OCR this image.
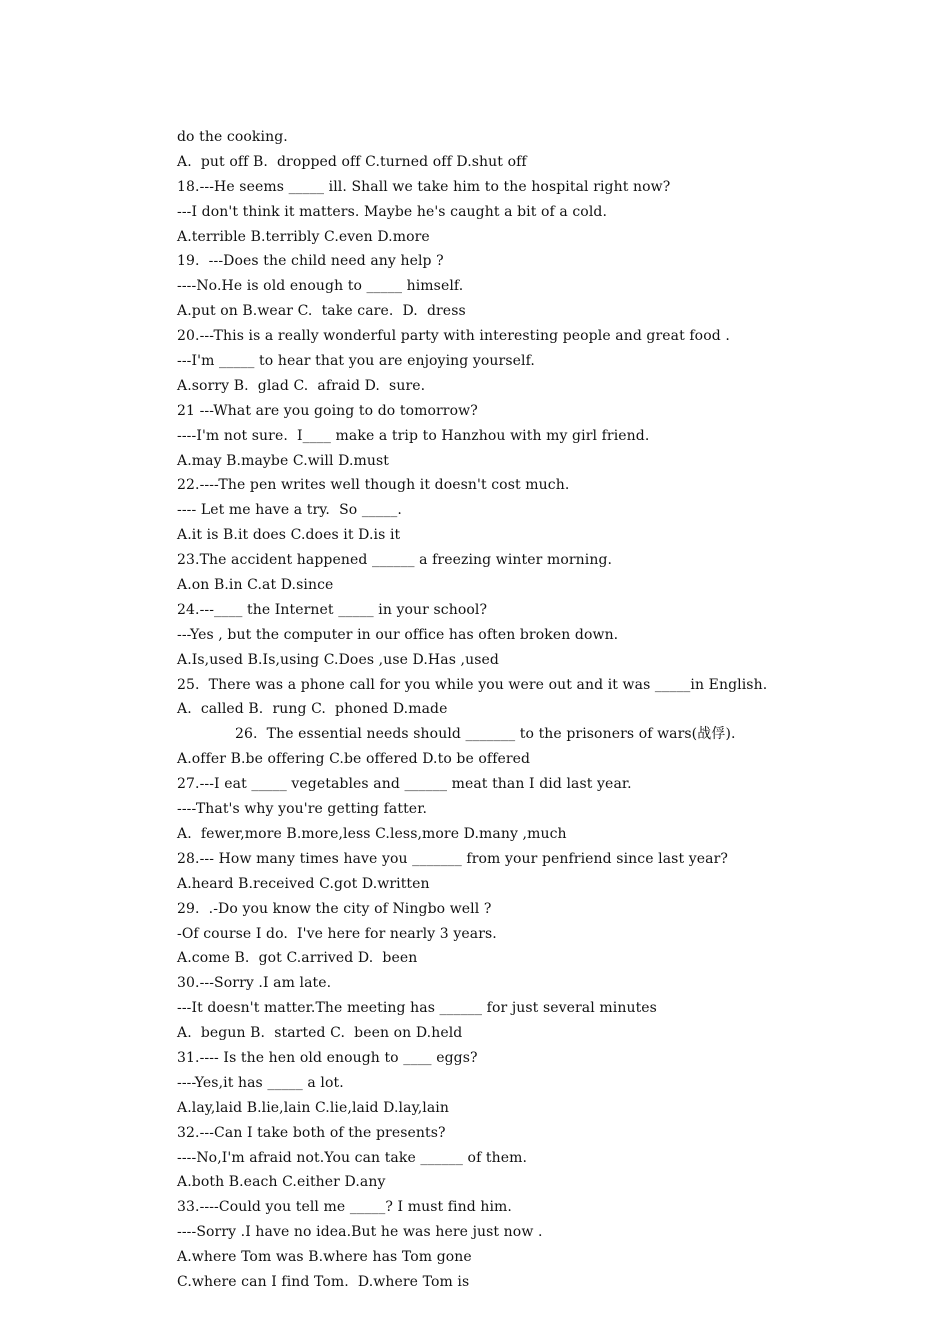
do the cooking.
A.  put off B.  dropped off C.turned off D.shut off
18.---He seems _____ ill. Shall we take him to the hospital right now?
---I don't think it matters. Maybe he's caught a bit of a cold.
A.terrible B.terribly C.even D.more
19.  ---Does the child need any help ?
----No.He is old enough to _____ himself.
A.put on B.wear C.  take care.  D.  dress
20.---This is a really wonderful party with interesting people and great food .
---I'm _____ to hear that you are enjoying yourself.
A.sorry B.  glad C.  afraid D.  sure.
21 ---What are you going to do tomorrow?
----I'm not sure.  I____ make a trip to Hanzhou with my girl friend.
A.may B.maybe C.will D.must
22.----The pen writes well though it doesn't cost much.
---- Let me have a try.  So _____.
A.it is B.it does C.does it D.is it
23.The accident happened ______ a freezing winter morning.
A.on B.in C.at D.since
24.---____ the Internet _____ in your school?
---Yes , but the computer in our office has often broken down.
A.Is,used B.Is,using C.Does ,use D.Has ,used
25.  There was a phone call for you while you were out and it was _____in English.
A.  called B.  rung C.  phoned D.made
26.  The essential needs should _______ to the prisoners of wars(战俘).
A.offer B.be offering C.be offered D.to be offered
27.---I eat _____ vegetables and ______ meat than I did last year.
----That's why you're getting fatter.
A.  fewer,more B.more,less C.less,more D.many ,much
28.--- How many times have you _______ from your penfriend since last year?
A.heard B.received C.got D.written
29.  .-Do you know the city of Ningbo well ?
-Of course I do.  I've here for nearly 3 years.
A.come B.  got C.arrived D.  been
30.---Sorry .I am late.
---It doesn't matter.The meeting has ______ for just several minutes
A.  begun B.  started C.  been on D.held
31.---- Is the hen old enough to ____ eggs?
----Yes,it has _____ a lot.
A.lay,laid B.lie,lain C.lie,laid D.lay,lain
32.---Can I take both of the presents?
----No,I'm afraid not.You can take ______ of them.
A.both B.each C.either D.any
33.----Could you tell me _____? I must find him.
----Sorry .I have no idea.But he was here just now .
A.where Tom was B.where has Tom gone
C.where can I find Tom.  D.where Tom is
